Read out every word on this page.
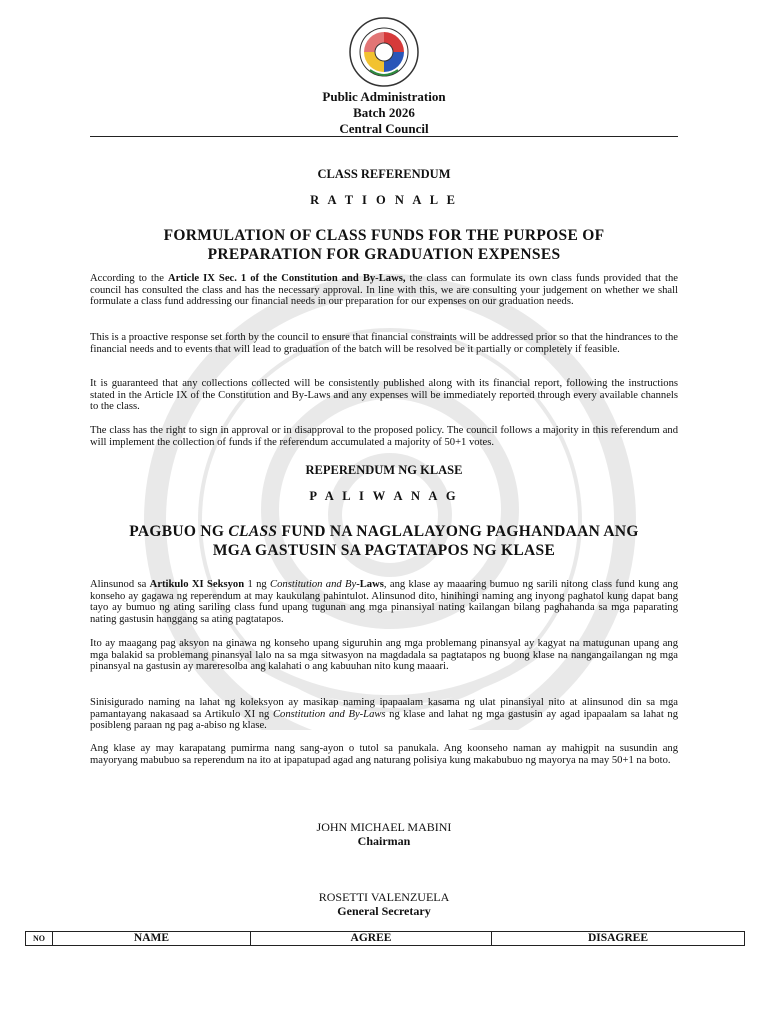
Public Administration
Batch 2026
Central Council
CLASS REFERENDUM
R A T I O N A L E
FORMULATION OF CLASS FUNDS FOR THE PURPOSE OF
PREPARATION FOR GRADUATION EXPENSES

According to the Article IX Sec. 1 of the Constitution and By-Laws, the class can formulate its own class funds provided that the council has consulted the class and has the necessary approval. In line with this, we are consulting your judgement on whether we shall formulate a class fund addressing our financial needs in our preparation for our expenses on our graduation needs.

This is a proactive response set forth by the council to ensure that financial constraints will be addressed prior so that the hindrances to the financial needs and to events that will lead to graduation of the batch will be resolved be it partially or completely if feasible.

It is guaranteed that any collections collected will be consistently published along with its financial report, following the instructions stated in the Article IX of the Constitution and By-Laws and any expenses will be immediately reported through every available channels to the class.

The class has the right to sign in approval or in disapproval to the proposed policy. The council follows a majority in this referendum and will implement the collection of funds if the referendum accumulated a majority of 50+1 votes.

REPERENDUM NG KLASE
P A L I W A N A G
PAGBUO NG CLASS FUND NA NAGLALAYONG PAGHANDAAN ANG
MGA GASTUSIN SA PAGTATAPOS NG KLASE

Alinsunod sa Artikulo XI Seksyon 1 ng Constitution and By-Laws, ang klase ay maaaring bumuo ng sarili nitong class fund kung ang konseho ay gagawa ng reperendum at may kaukulang pahintulot. Alinsunod dito, hinihingi naming ang inyong paghatol kung dapat bang tayo ay bumuo ng ating sariling class fund upang tugunan ang mga pinansiyal nating kailangan bilang paghahanda sa mga paparating nating gastusin hanggang sa ating pagtatapos.

Ito ay maagang pag aksyon na ginawa ng konseho upang siguruhin ang mga problemang pinansyal ay kagyat na matugunan upang ang mga balakid sa problemang pinansyal lalo na sa mga sitwasyon na magdadala sa pagtatapos ng buong klase na nangangailangan ng mga pinansyal na gastusin ay mareresolba ang kalahati o ang kabuuhan nito kung maaari.

Sinisigurado naming na lahat ng koleksyon ay masikap naming ipapaalam kasama ng ulat pinansiyal nito at alinsunod din sa mga pamantayang nakasaad sa Artikulo XI ng Constitution and By-Laws ng klase and lahat ng mga gastusin ay agad ipapaalam sa lahat ng posibleng paraan ng pag a-abiso ng klase.

Ang klase ay may karapatang pumirma nang sang-ayon o tutol sa panukala. Ang koonseho naman ay mahigpit na susundin ang mayoryang mabubuo sa reperendum na ito at ipapatupad agad ang naturang polisiya kung makabubuo ng mayorya na may 50+1 na boto.

JOHN MICHAEL MABINI
Chairman
ROSETTI VALENZUELA
General Secretary
NO	NAME	AGREE	DISAGREE
